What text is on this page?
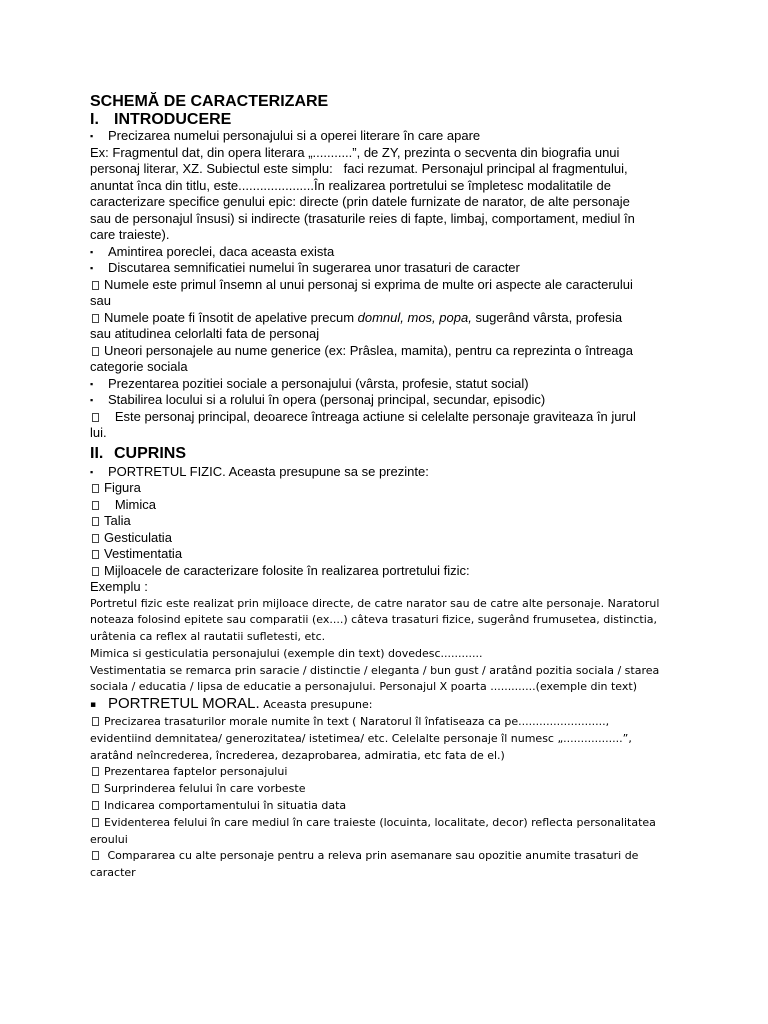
SCHEMĂ DE CARACTERIZARE
I. INTRODUCERE
▪ Precizarea numelui personajului si a operei literare în care apare
Ex: Fragmentul dat, din opera literara „...........”, de ZY, prezinta o secventa din biografia unui
personaj literar, XZ. Subiectul este simplu:   faci rezumat. Personajul principal al fragmentului,
anuntat înca din titlu, este.....................În realizarea portretului se împletesc modalitatile de
caracterizare specifice genului epic: directe (prin datele furnizate de narator, de alte personaje
sau de personajul însusi) si indirecte (trasaturile reies di fapte, limbaj, comportament, mediul în
care traieste).
▪ Amintirea poreclei, daca aceasta exista
▪ Discutarea semnificatiei numelui în sugerarea unor trasaturi de caracter
Numele este primul însemn al unui personaj si exprima de multe ori aspecte ale caracterului
sau
Numele poate fi însotit de apelative precum domnul, mos, popa, sugerând vârsta, profesia
sau atitudinea celorlalti fata de personaj
Uneori personajele au nume generice (ex: Prâslea, mamita), pentru ca reprezinta o întreaga
categorie sociala
▪ Prezentarea pozitiei sociale a personajului (vârsta, profesie, statut social)
▪ Stabilirea locului si a rolului în opera (personaj principal, secundar, episodic)
Este personaj principal, deoarece întreaga actiune si celelalte personaje graviteaza în jurul
lui.
II. CUPRINS
▪ PORTRETUL FIZIC. Aceasta presupune sa se prezinte:
Figura
Mimica
Talia
Gesticulatia
Vestimentatia
Mijloacele de caracterizare folosite în realizarea portretului fizic:
Exemplu :
Portretul fizic este realizat prin mijloace directe, de catre narator sau de catre alte personaje. Naratorul
noteaza folosind epitete sau comparatii (ex....) câteva trasaturi fizice, sugerând frumusetea, distinctia,
urâtenia ca reflex al rautatii sufletesti, etc.
Mimica si gesticulatia personajului (exemple din text) dovedesc............
Vestimentatia se remarca prin saracie / distinctie / eleganta / bun gust / aratând pozitia sociala / starea
sociala / educatia / lipsa de educatie a personajului. Personajul X poarta .............(exemple din text)
▪ PORTRETUL MORAL. Aceasta presupune:
Precizarea trasaturilor morale numite în text ( Naratorul îl înfatiseaza ca pe.........................,
evidentiind demnitatea/ generozitatea/ istetimea/ etc. Celelalte personaje îl numesc „.................”,
aratând neîncrederea, încrederea, dezaprobarea, admiratia, etc fata de el.)
Prezentarea faptelor personajului
Surprinderea felului în care vorbeste
Indicarea comportamentului în situatia data
Evidenterea felului în care mediul în care traieste (locuinta, localitate, decor) reflecta personalitatea
eroului
Compararea cu alte personaje pentru a releva prin asemanare sau opozitie anumite trasaturi de
caracter
